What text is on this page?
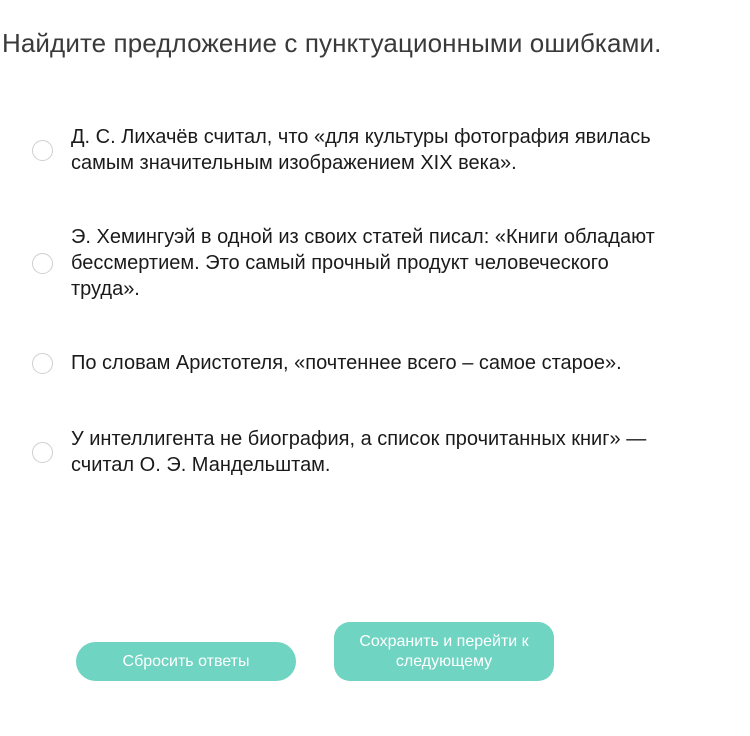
Найдите предложение с пунктуационными ошибками.
Д. С. Лихачёв считал, что «для культуры фотография явилась самым значительным изображением XIX века».
Э. Хемингуэй в одной из своих статей писал: «Книги обладают бессмертием. Это самый прочный продукт человеческого труда».
По словам Аристотеля, «почтеннее всего – самое старое».
У интеллигента не биография, а список прочитанных книг» — считал О. Э. Мандельштам.
Сбросить ответы
Сохранить и перейти к следующему
